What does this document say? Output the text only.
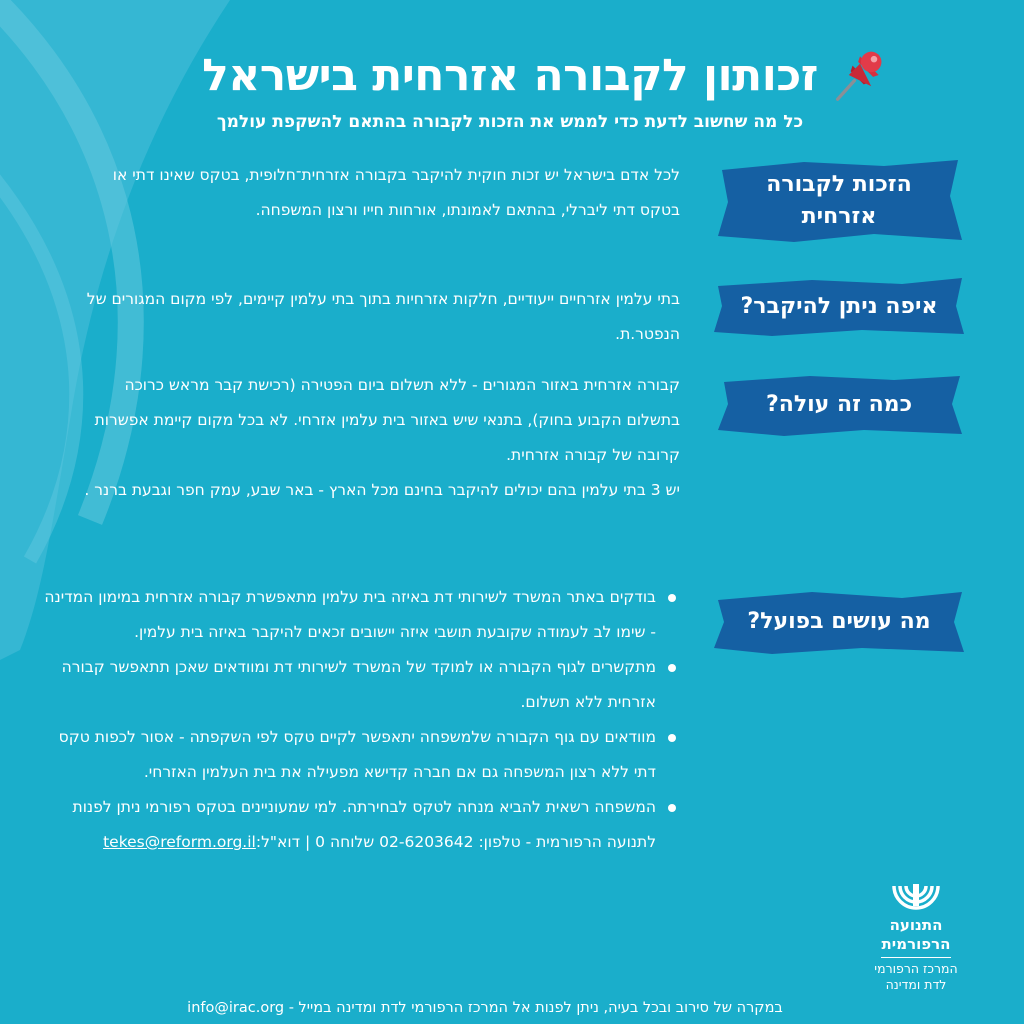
זכותון לקבורה אזרחית בישראל
כל מה שחשוב לדעת כדי לממש את הזכות לקבורה בהתאם להשקפת עולמך
הזכות לקבורה אזרחית
איפה ניתן להיקבר?
כמה זה עולה?
מה עושים בפועל?
לכל אדם בישראל יש זכות חוקית להיקבר בקבורה אזרחית־חלופית, בטקס שאינו דתי או בטקס דתי ליברלי, בהתאם לאמונתו, אורחות חייו ורצון המשפחה.
בתי עלמין אזרחיים ייעודיים, חלקות אזרחיות בתוך בתי עלמין קיימים, לפי מקום המגורים של הנפטר.ת.
קבורה אזרחית באזור המגורים - ללא תשלום ביום הפטירה (רכישת קבר מראש כרוכה בתשלום הקבוע בחוק), בתנאי שיש באזור בית עלמין אזרחי. לא בכל מקום קיימת אפשרות קרובה של קבורה אזרחית.
יש 3 בתי עלמין בהם יכולים להיקבר בחינם מכל הארץ - באר שבע, עמק חפר וגבעת ברנר .
בודקים באתר המשרד לשירותי דת באיזה בית עלמין מתאפשרת קבורה אזרחית במימון המדינה - שימו לב לעמודה שקובעת תושבי איזה יישובים זכאים להיקבר באיזה בית עלמין.
מתקשרים לגוף הקבורה או למוקד של המשרד לשירותי דת ומוודאים שאכן תתאפשר קבורה אזרחית ללא תשלום.
מוודאים עם גוף הקבורה שלמשפחה יתאפשר לקיים טקס לפי השקפתה - אסור לכפות טקס דתי ללא רצון המשפחה גם אם חברה קדישא מפעילה את בית העלמין האזרחי.
המשפחה רשאית להביא מנחה לטקס לבחירתה. למי שמעוניינים בטקס רפורמי ניתן לפנות לתנועה הרפורמית - טלפון: 02-6203642 שלוחה 0 | דוא"ל:tekes@reform.org.il
התנועה
הרפורמית
המרכז הרפורמי
לדת ומדינה
במקרה של סירוב ובכל בעיה, ניתן לפנות אל המרכז הרפורמי לדת ומדינה במייל - info@irac.org
